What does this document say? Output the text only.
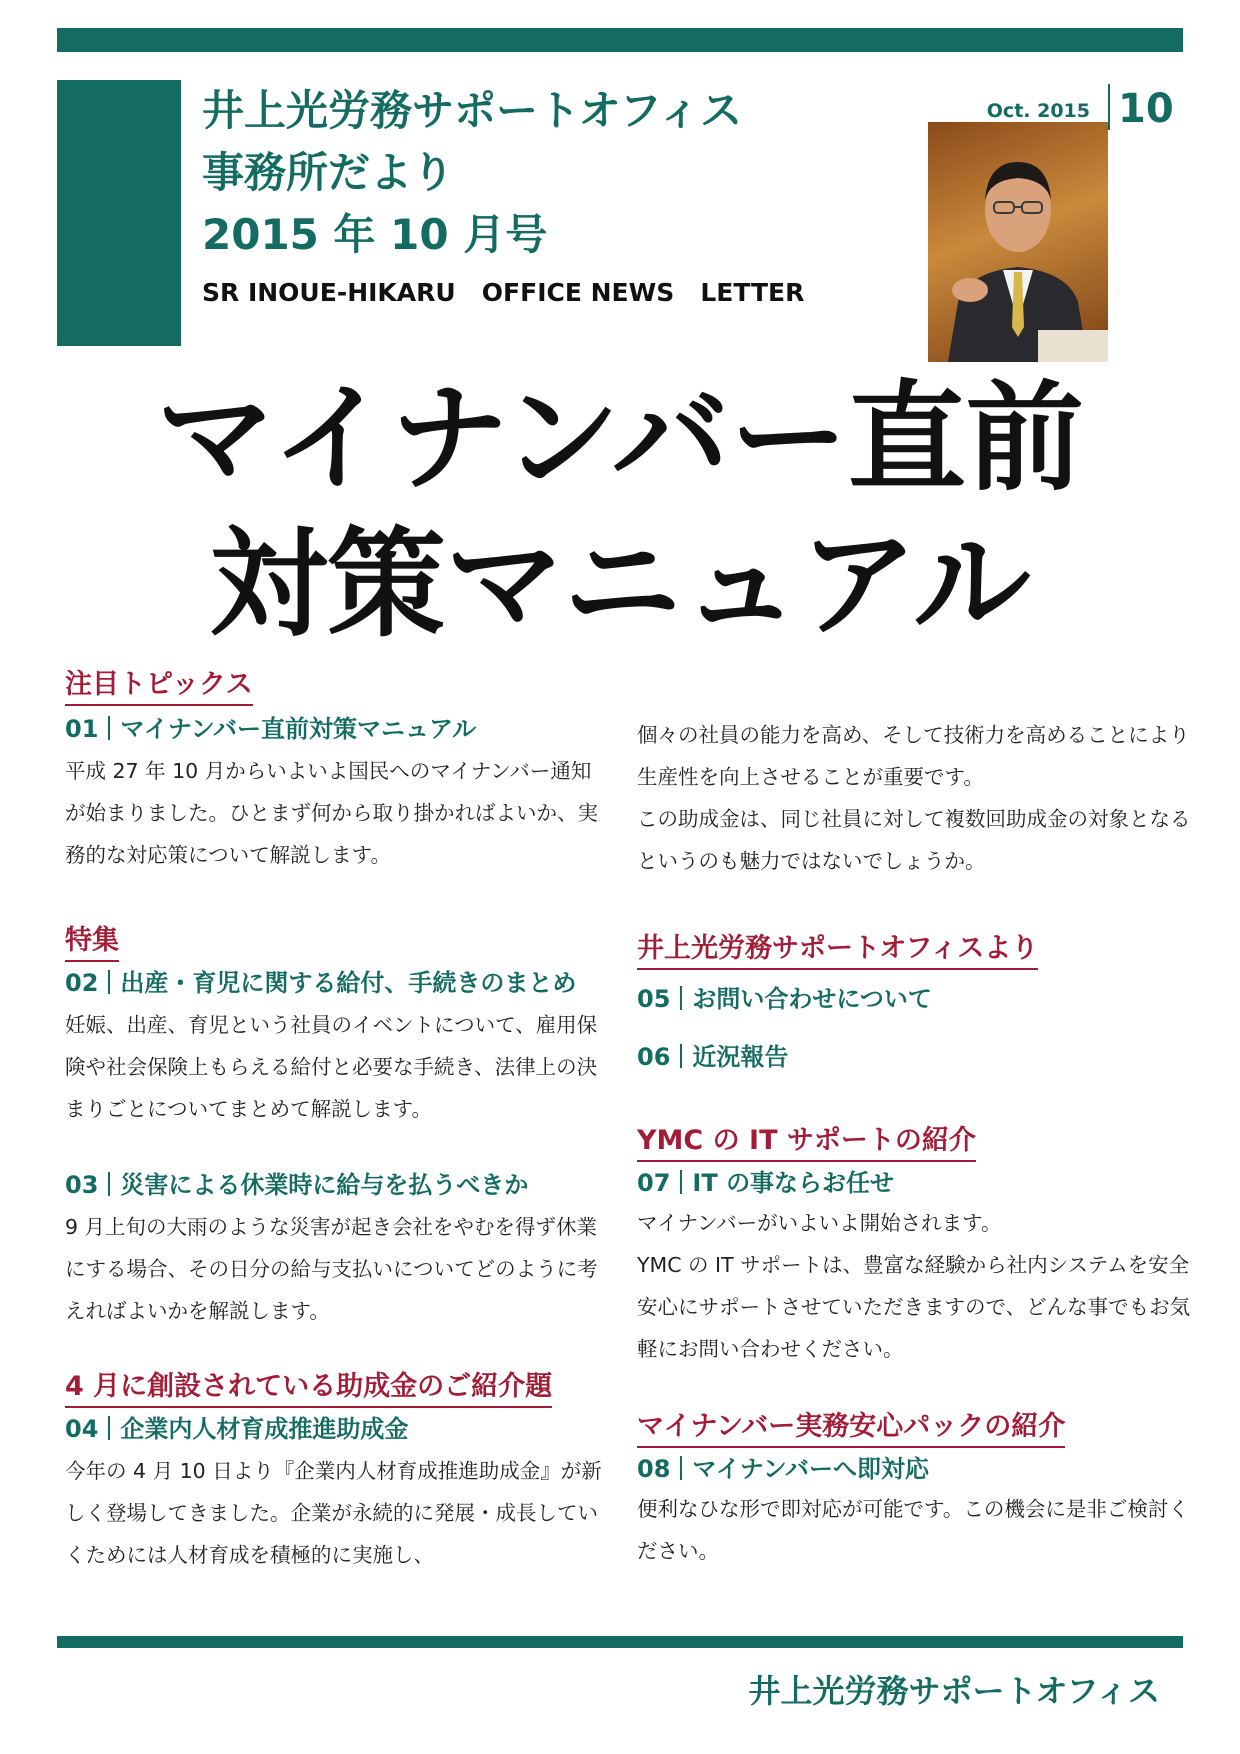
井上光労務サポートオフィス
事務所だより
2015 年 10 月号
SR INOUE-HIKARU   OFFICE NEWS   LETTER
Oct. 2015 10
マイナンバー直前
対策マニュアル
注目トピックス
01 マイナンバー直前対策マニュアル
平成 27 年 10 月からいよいよ国民へのマイナンバー通知が始まりました。ひとまず何から取り掛かればよいか、実務的な対応策について解説します。
特集
02 出産・育児に関する給付、手続きのまとめ
妊娠、出産、育児という社員のイベントについて、雇用保険や社会保険上もらえる給付と必要な手続き、法律上の決まりごとについてまとめて解説します。
03 災害による休業時に給与を払うべきか
9 月上旬の大雨のような災害が起き会社をやむを得ず休業にする場合、その日分の給与支払いについてどのように考えればよいかを解説します。
4 月に創設されている助成金のご紹介題
04 企業内人材育成推進助成金
今年の 4 月 10 日より『企業内人材育成推進助成金』が新しく登場してきました。企業が永続的に発展・成長していくためには人材育成を積極的に実施し、
個々の社員の能力を高め、そして技術力を高めることにより生産性を向上させることが重要です。
この助成金は、同じ社員に対して複数回助成金の対象となるというのも魅力ではないでしょうか。
井上光労務サポートオフィスより
05 お問い合わせについて
06 近況報告
YMC の IT サポートの紹介
07 IT の事ならお任せ
マイナンバーがいよいよ開始されます。
YMC の IT サポートは、豊富な経験から社内システムを安全安心にサポートさせていただきますので、どんな事でもお気軽にお問い合わせください。
マイナンバー実務安心パックの紹介
08 マイナンバーへ即対応
便利なひな形で即対応が可能です。この機会に是非ご検討ください。
井上光労務サポートオフィス
